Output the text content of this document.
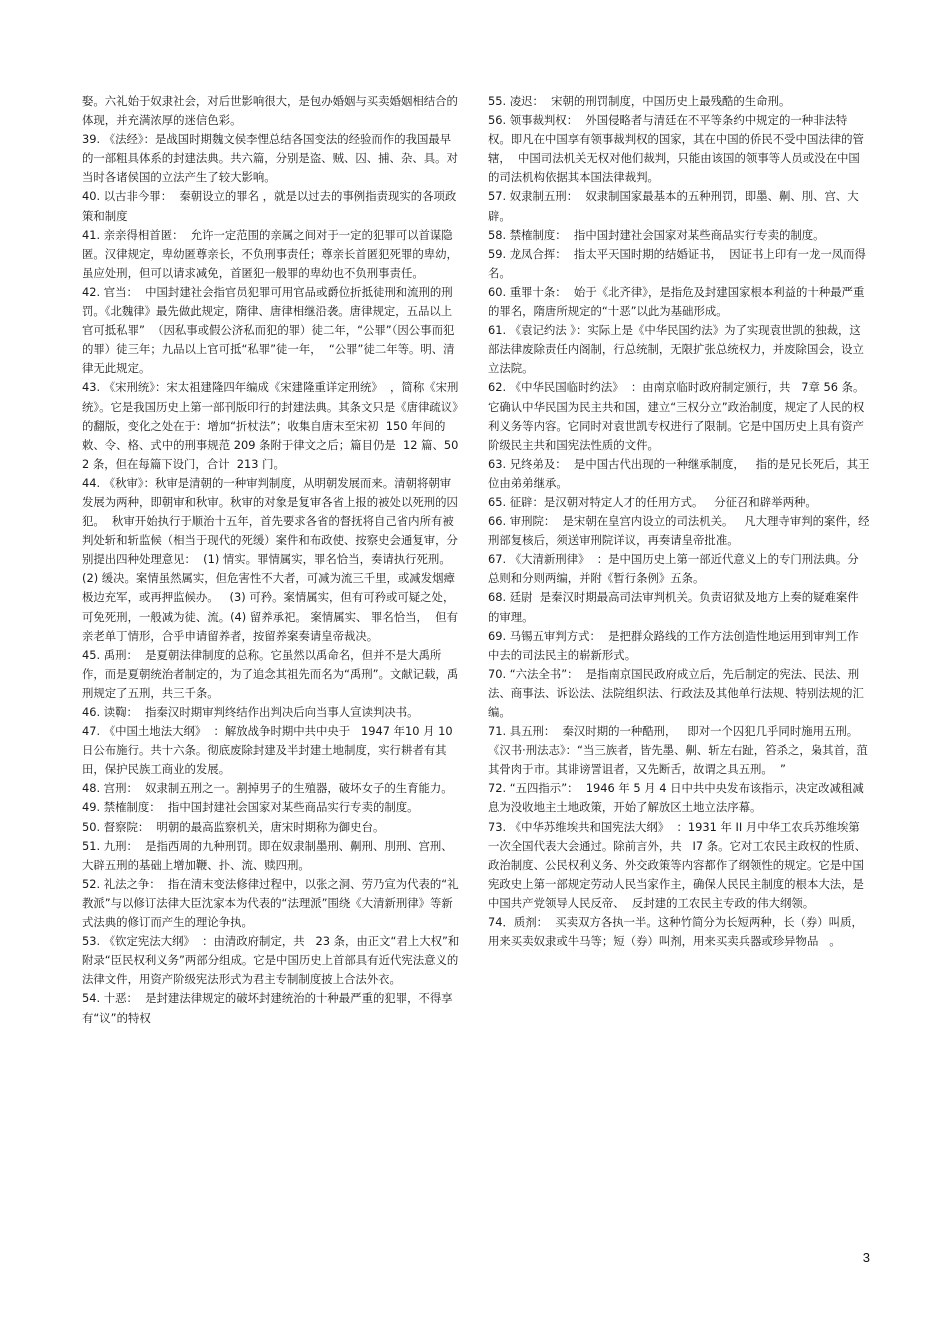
娶。六礼始于奴隶社会，对后世影响很大，是包办婚姻与买卖婚姻相结合的体现，并充满浓厚的迷信色彩。

39. 《法经》：是战国时期魏文侯李悝总结各国变法的经验而作的我国最早的一部粗具体系的封建法典。共六篇，分别是盗、贼、囚、捕、杂、具。对当时各诸侯国的立法产生了较大影响。

40. 以古非今罪：  秦朝设立的罪名 ，就是以过去的事例指责现实的各项政策和制度

41. 亲亲得相首匿：  允许一定范围的亲属之间对于一定的犯罪可以首谋隐匿。汉律规定，卑幼匿尊亲长，不负刑事责任；尊亲长首匿犯死罪的卑幼，虽应处刑，但可以请求减免，首匿犯一般罪的卑幼也不负刑事责任。

42. 官当：  中国封建社会指官员犯罪可用官品或爵位折抵徒刑和流刑的刑罚。《北魏律》最先做此规定，隋律、唐律相继沿袭。唐律规定，五品以上官可抵私罪”  （因私事或假公济私而犯的罪）徒二年，“公罪”（因公事而犯  的罪）徒三年；九品以上官可抵“私罪”徒一年，  “公罪”徒二年等。明、清律无此规定。

43. 《宋刑统》：宋太祖建隆四年编成《宋建隆重详定刑统》  ，简称《宋刑统》。它是我国历史上第一部刊版印行的封建法典。其条文只是《唐律疏议》的翻版，变化之处在于：增加“折杖法”；收集自唐末至宋初  150 年间的敕、令、格、式中的刑事规范 209 条附于律文之后；篇目仍是  12 篇、502 条，但在每篇下设门，合计  213 门。

44. 《秋审》：秋审是清朝的一种审判制度，从明朝发展而来。清朝将朝审发展为两种，即朝审和秋审。秋审的对象是复审各省上报的被处以死刑的囚犯。  秋审开始执行于顺治十五年，首先要求各省的督抚将自己省内所有被判处斩和斩监候（相当于现代的死缓）案件和布政使、按察史会通复审，分别提出四种处理意见：  (1) 情实。罪情属实，罪名恰当，奏请执行死刑。 (2) 缓决。案情虽然属实，但危害性不大者，可减为流三千里，或减发烟瘴极边充军，或再押监候办。   (3) 可矜。案情属实，但有可矜或可疑之处，可免死刑，一般减为徒、流。(4) 留养承祀。 案情属实、 罪名恰当，  但有亲老单丁情形，合乎申请留养者，按留养案奏请皇帝裁决。

45. 禹刑：  是夏朝法律制度的总称。它虽然以禹命名，但并不是大禹所作，而是夏朝统治者制定的，为了追念其祖先而名为“禹刑”。文献记载，禹刑规定了五刑，共三千条。

46. 读鞫：  指秦汉时期审判终结作出判决后向当事人宣读判决书。

47. 《中国土地法大纲》  ：解放战争时期中共中央于   1947 年10 月 10 日公布施行。共十六条。彻底废除封建及半封建土地制度，实行耕者有其田，保护民族工商业的发展。

48. 宫刑：  奴隶制五刑之一。割掉男子的生殖器，破坏女子的生育能力。

49. 禁榷制度：  指中国封建社会国家对某些商品实行专卖的制度。

50. 督察院：  明朝的最高监察机关，唐宋时期称为御史台。

51. 九刑：  是指西周的九种刑罚。即在奴隶制墨刑、劓刑、刖刑、宫刑、大辟五刑的基础上增加鞭、扑、流、赎四刑。

52. 礼法之争：  指在清末变法修律过程中，以张之洞、劳乃宣为代表的“礼教派”与以修订法律大臣沈家本为代表的“法理派”围绕《大清新刑律》等新式法典的修订而产生的理论争执。

53. 《钦定宪法大纲》  ：由清政府制定，共   23 条，由正文“君上大权”和附录“臣民权利义务”两部分组成。它是中国历史上首部具有近代宪法意义的法律文件，用资产阶级宪法形式为君主专制制度披上合法外衣。

54. 十恶：  是封建法律规定的破坏封建统治的十种最严重的犯罪，不得享有“议”的特权

55. 凌迟：  宋朝的刑罚制度，中国历史上最残酷的生命刑。

56. 领事裁判权：  外国侵略者与清廷在不平等条约中规定的一种非法特权。即凡在中国享有领事裁判权的国家，其在中国的侨民不受中国法律的管辖，  中国司法机关无权对他们裁判，只能由该国的领事等人员或没在中国的司法机构依据其本国法律裁判。

57. 奴隶制五刑：  奴隶制国家最基本的五种刑罚，即墨、劓、刖、宫、大辟。

58. 禁榷制度：  指中国封建社会国家对某些商品实行专卖的制度。

59. 龙凤合挥：  指太平天国时期的结婚证书，  因证书上印有一龙一凤而得名。

60. 重罪十条：  始于《北齐律》，是指危及封建国家根本利益的十种最严重的罪名，隋唐所规定的“十恶”以此为基础形成。

61. 《袁记约法 》：实际上是《中华民国约法》为了实现袁世凯的独裁，这部法律废除责任内阁制，行总统制，无限扩张总统权力，并废除国会，设立立法院。

62. 《中华民国临时约法》  ：由南京临时政府制定颁行，共   7章 56 条。它确认中华民国为民主共和国，建立“三权分立”政治制度，规定了人民的权利义务等内容。它同时对袁世凯专权进行了限制。它是中国历史上具有资产阶级民主共和国宪法性质的文件。

63. 兄终弟及：  是中国古代出现的一种继承制度，   指的是兄长死后，其王位由弟弟继承。

65. 征辟：是汉朝对特定人才的任用方式。   分征召和辟举两种。

66. 审刑院：  是宋朝在皇宫内设立的司法机关。   凡大理寺审判的案件，经刑部复核后，须送审刑院详议，再奏请皇帝批准。

67. 《大清新刑律》  ：是中国历史上第一部近代意义上的专门刑法典。分总则和分则两编，并附《暂行条例》五条。

68. 廷尉  是秦汉时期最高司法审判机关。负责诏狱及地方上奏的疑难案件的审理。

69. 马锡五审判方式：  是把群众路线的工作方法创造性地运用到审判工作中去的司法民主的崭新形式。

70. “六法全书”：  是指南京国民政府成立后，先后制定的宪法、民法、刑法、商事法、诉讼法、法院组织法、行政法及其他单行法规、特别法规的汇编。

71. 具五刑：  秦汉时期的一种酷刑，   即对一个囚犯几乎同时施用五刑。《汉书·刑法志》：“当三族者，皆先墨、劓、斩左右趾，笞杀之，枭其首，菹其骨肉于市。其诽谤詈诅者，又先断舌，故谓之具五刑。  ”

72. “五四指示”：  1946 年 5 月 4 日中共中央发布该指示，决定改减租减息为没收地主土地政策，开始了解放区土地立法序幕。

73. 《中华苏维埃共和国宪法大纲》  ：1931 年 II 月中华工农兵苏维埃第一次全国代表大会通过。除前言外，共   I7 条。它对工农民主政权的性质、政治制度、公民权利义务、外交政策等内容都作了纲领性的规定。它是中国宪政史上第一部规定劳动人民当家作主，确保人民民主制度的根本大法，是中国共产党领导人民反帝、  反封建的工农民主专政的伟大纲领。

74．质剂：  买卖双方各执一半。这种竹简分为长短两种，长（券）叫质，用来买卖奴隶或牛马等；短（券）叫剂，用来买卖兵器或珍异物品   。

3
